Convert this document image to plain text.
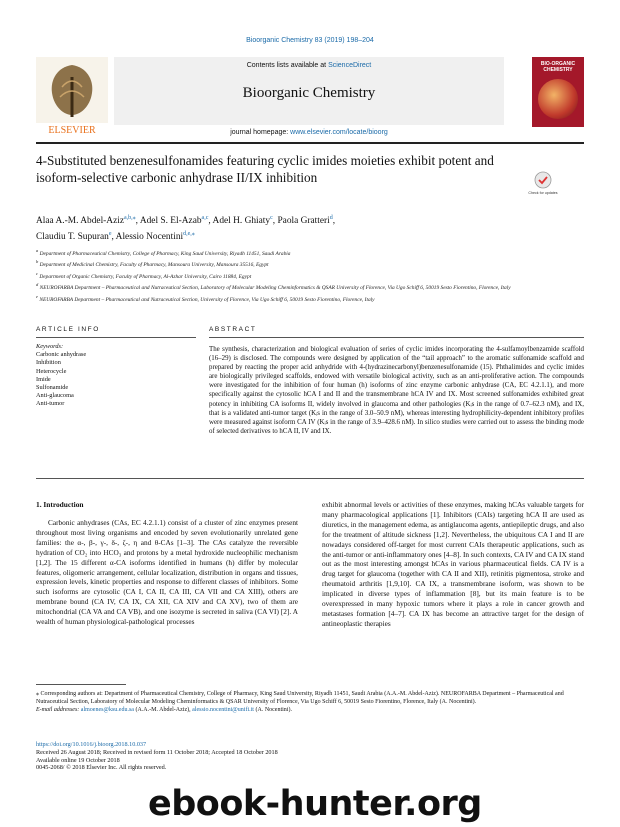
Bioorganic Chemistry 83 (2019) 198–204
ELSEVIER
Contents lists available at ScienceDirect
Bioorganic Chemistry
journal homepage: www.elsevier.com/locate/bioorg
BIO-ORGANIC CHEMISTRY
4-Substituted benzenesulfonamides featuring cyclic imides moieties exhibit potent and isoform-selective carbonic anhydrase II/IX inhibition
Check for updates
Alaa A.-M. Abdel-Aziz$^{a,b,⁎}$, Adel S. El-Azab$^{a,c}$, Adel H. Ghiaty$^c$, Paola Gratteri$^d$,
Claudiu T. Supuran$^e$, Alessio Nocentini$^{d,e,⁎}$
$^a$ Department of Pharmaceutical Chemistry, College of Pharmacy, King Saud University, Riyadh 11451, Saudi Arabia
$^b$ Department of Medicinal Chemistry, Faculty of Pharmacy, Mansoura University, Mansoura 35516, Egypt
$^c$ Department of Organic Chemistry, Faculty of Pharmacy, Al-Azhar University, Cairo 11884, Egypt
$^d$ NEUROFARBA Department – Pharmaceutical and Nutraceutical Section, Laboratory of Molecular Modeling Cheminformatics & QSAR University of Florence, Via Ugo Schiff 6, 50019 Sesto Fiorentino, Florence, Italy
$^e$ NEUROFARBA Department – Pharmaceutical and Nutraceutical Section, University of Florence, Via Ugo Schiff 6, 50019 Sesto Fiorentino, Florence, Italy
ARTICLE INFO	ABSTRACT
Keywords:
Carbonic anhydrase
Inhibition
Heterocycle
Imide
Sulfonamide
Anti-glaucoma
Anti-tumor
The synthesis, characterization and biological evaluation of series of cyclic imides incorporating the 4-sulfamoylbenzamide scaffold (16–29) is disclosed. The compounds were designed by application of the “tail approach” to the aromatic sulfonamide scaffold and prepared by reacting the proper acid anhydride with 4-(hydrazinecarbonyl)benzenesulfonamide (15). Phthalimides and cyclic imides are biologically privileged scaffolds, endowed with versatile biological activity, such as an anti-proliferative action. The compounds were investigated for the inhibition of four human (h) isoforms of zinc enzyme carbonic anhydrase (CA, EC 4.2.1.1), and more specifically against the cytosolic hCA I and II and the transmembrane hCA IV and IX. Most screened sulfonamides exhibited great potency in inhibiting CA isoforms II, widely involved in glaucoma and other pathologies (Kᵢs in the range of 0.7–62.3 nM), and IX, that is a validated anti-tumor target (Kᵢs in the range of 3.0–50.9 nM), whereas interesting hydrophilicity-dependent inhibitory profiles were measured against isoform CA IV (Kᵢs in the range of 3.9–428.6 nM). In silico studies were carried out to assess the binding mode of selected derivatives to hCA II, IV and IX.
1. Introduction

Carbonic anhydrases (CAs, EC 4.2.1.1) consist of a cluster of zinc enzymes present throughout most living organisms and encoded by seven evolutionarily unrelated gene families: the α-, β-, γ-, δ-, ζ-, η and θ-CAs [1–3]. The CAs catalyze the reversible hydration of CO₂ into HCO₃ and protons by a metal hydroxide nucleophilic mechanism [1,2]. The 15 different α-CA isoforms identified in humans (h) differ by molecular features, oligomeric arrangement, cellular localization, distribution in organs and tissues, expression levels, kinetic properties and response to different classes of inhibitors. Some such isoforms are cytosolic (CA I, CA II, CA III, CA VII and CA XIII), others are membrane bound (CA IV, CA IX, CA XII, CA XIV and CA XV), two of them are mitochondrial (CA VA and CA VB), and one isozyme is secreted in saliva (CA VI) [2]. A wealth of human physiological-pathological processes

exhibit abnormal levels or activities of these enzymes, making hCAs valuable targets for many pharmacological applications [1]. Inhibitors (CAIs) targeting hCA II are used as diuretics, in the management edema, as antiglaucoma agents, antiepileptic drugs, and also for the treatment of altitude sickness [1,2]. Nevertheless, the ubiquitous CA I and II are nowadays considered off-target for most current CAIs therapeutic applications, such as the anti-tumor or anti-inflammatory ones [4–8]. In such contexts, CA IV and CA IX stand out as the most interesting amongst hCAs in various pharmaceutical fields. CA IV is a drug target for glaucoma (together with CA II and XII), retinitis pigmentosa, stroke and rheumatoid arthritis [1,9,10]. CA IX, a transmembrane isoform, was shown to be implicated in diverse types of inflammation [8], but its main feature is to be overexpressed in many hypoxic tumors where it plays a role in cancer growth and metastases formation [4–7]. CA IX has become an attractive target for the design of antineoplastic therapies

⁎ Corresponding authors at: Department of Pharmaceutical Chemistry, College of Pharmacy, King Saud University, Riyadh 11451, Saudi Arabia (A.A.-M. Abdel-Aziz). NEUROFARBA Department – Pharmaceutical and Nutraceutical Section, Laboratory of Molecular Modeling Cheminformatics & QSAR University of Florence, Via Ugo Schiff 6, 50019 Sesto Fiorentino, Florence, Italy (A. Nocentini).
E-mail addresses: almoenes@ksu.edu.sa (A.A.-M. Abdel-Aziz), alessio.nocentini@unifi.it (A. Nocentini).
https://doi.org/10.1016/j.bioorg.2018.10.037
Received 26 August 2018; Received in revised form 11 October 2018; Accepted 18 October 2018
Available online 19 October 2018
0045-2068/ © 2018 Elsevier Inc. All rights reserved.
ebook-hunter.org
